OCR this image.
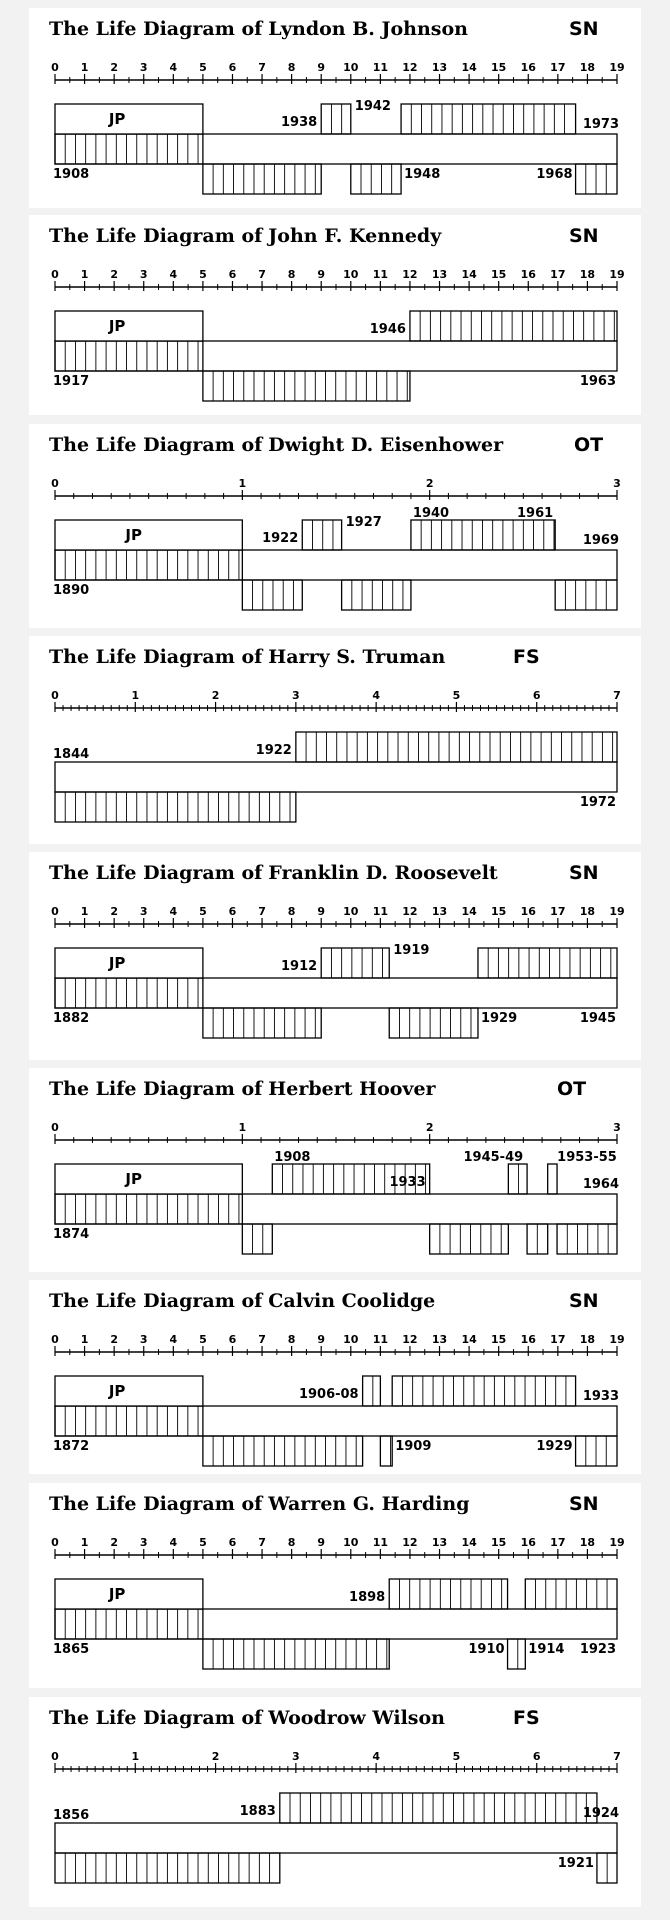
The Life Diagram of Lyndon B. Johnson	SN
0 1 2 3 4 5 6 7 8 9 10 11 12 13 14 15 16 17 18 19
JP
1908
1938
1942
1948	1968
1973
The Life Diagram of John F. Kennedy	SN
0 1 2 3 4 5 6 7 8 9 10 11 12 13 14 15 16 17 18 19
JP
1917
1946
1963
The Life Diagram of Dwight D. Eisenhower	OT
0	1	2	3
JP
1890
1922
1927
1940	1961
1969
The Life Diagram of Harry S. Truman	FS
0	1	2	3	4	5	6	7
1844	1922
1972
The Life Diagram of Franklin D. Roosevelt	SN
0 1 2 3 4 5 6 7 8 9 10 11 12 13 14 15 16 17 18 19
JP
1882
1912
1919
1929	1945
The Life Diagram of Herbert Hoover	OT
0	1	2	3
JP
1874
1908
1933
1945-49	1953-55
1964
The Life Diagram of Calvin Coolidge	SN
0 1 2 3 4 5 6 7 8 9 10 11 12 13 14 15 16 17 18 19
JP
1872
1906-08
1909	1929
1933
The Life Diagram of Warren G. Harding	SN
0 1 2 3 4 5 6 7 8 9 10 11 12 13 14 15 16 17 18 19
JP
1865
1898
1910 1914 1923
The Life Diagram of Woodrow Wilson	FS
0	1	2	3	4	5	6	7
1856	1883
1921
1924
